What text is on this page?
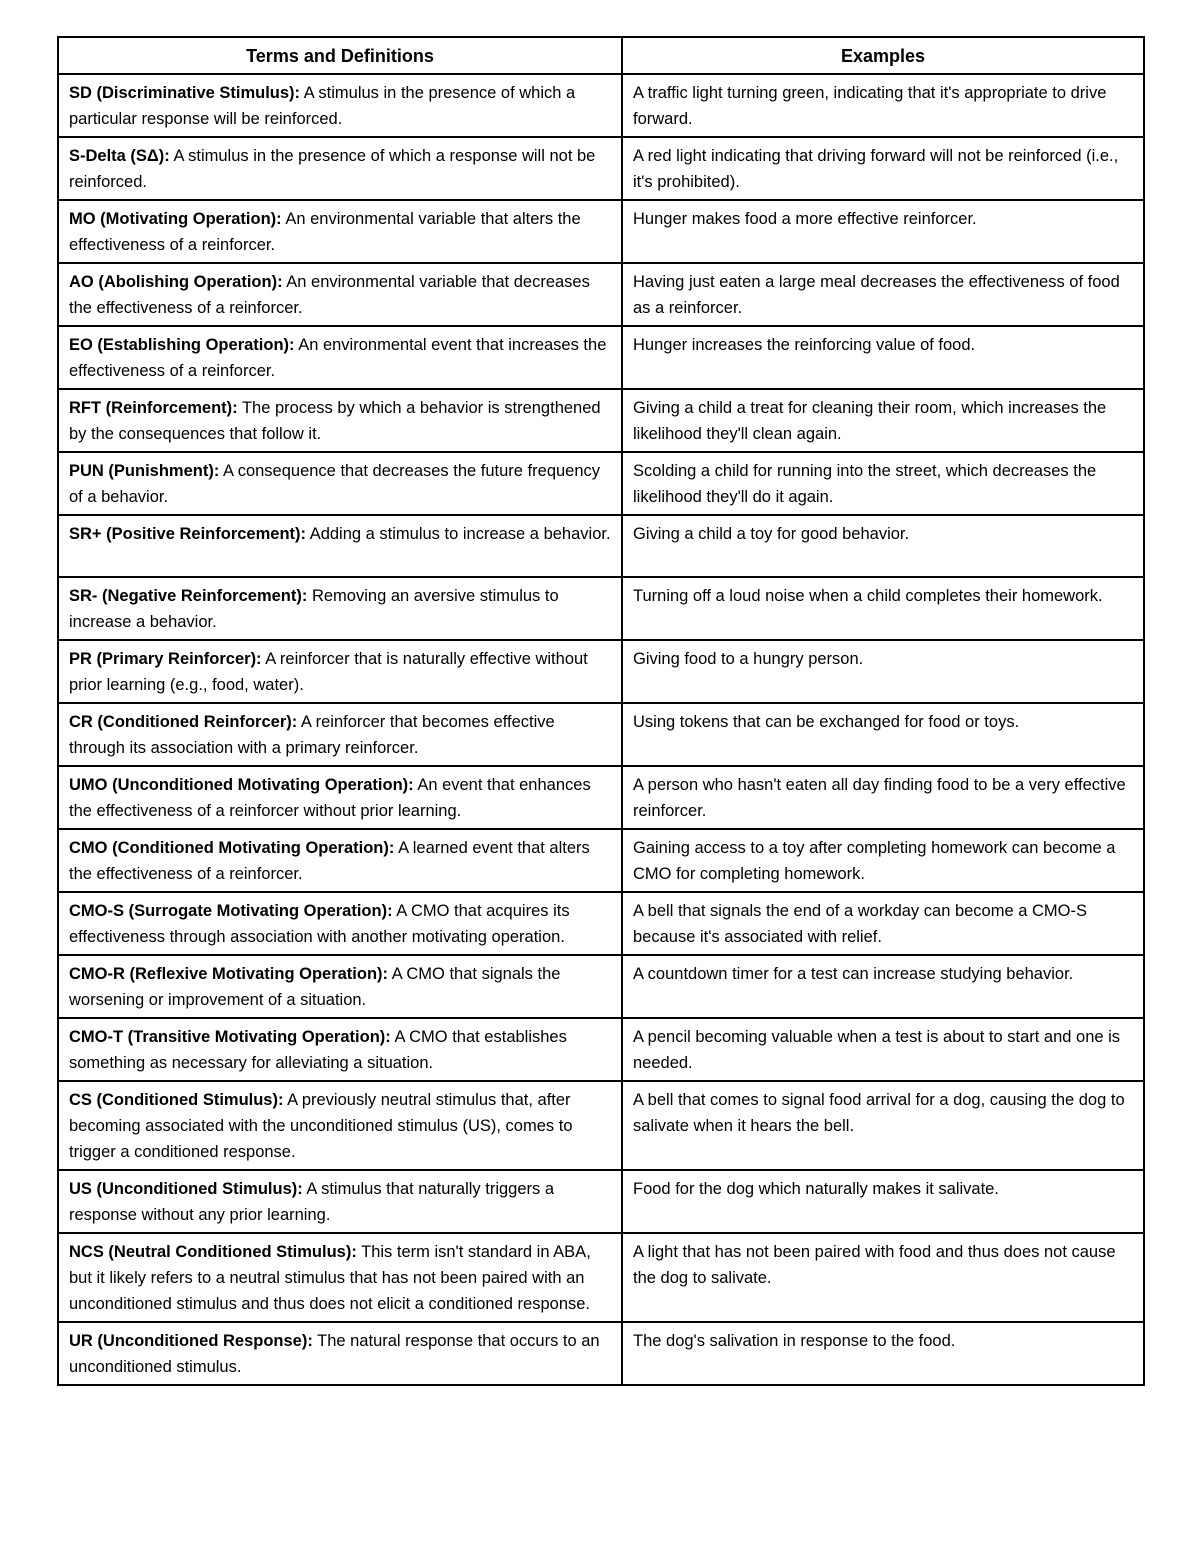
Terms and Definitions	Examples
SD (Discriminative Stimulus): A stimulus in the presence of which a particular response will be reinforced.	A traffic light turning green, indicating that it's appropriate to drive forward.
S-Delta (SΔ): A stimulus in the presence of which a response will not be reinforced.	A red light indicating that driving forward will not be reinforced (i.e., it's prohibited).
MO (Motivating Operation): An environmental variable that alters the effectiveness of a reinforcer.	Hunger makes food a more effective reinforcer.
AO (Abolishing Operation): An environmental variable that decreases the effectiveness of a reinforcer.	Having just eaten a large meal decreases the effectiveness of food as a reinforcer.
EO (Establishing Operation): An environmental event that increases the effectiveness of a reinforcer.	Hunger increases the reinforcing value of food.
RFT (Reinforcement): The process by which a behavior is strengthened by the consequences that follow it.	Giving a child a treat for cleaning their room, which increases the likelihood they'll clean again.
PUN (Punishment): A consequence that decreases the future frequency of a behavior.	Scolding a child for running into the street, which decreases the likelihood they'll do it again.
SR+ (Positive Reinforcement): Adding a stimulus to increase a behavior.	Giving a child a toy for good behavior.
SR- (Negative Reinforcement): Removing an aversive stimulus to increase a behavior.	Turning off a loud noise when a child completes their homework.
PR (Primary Reinforcer): A reinforcer that is naturally effective without prior learning (e.g., food, water).	Giving food to a hungry person.
CR (Conditioned Reinforcer): A reinforcer that becomes effective through its association with a primary reinforcer.	Using tokens that can be exchanged for food or toys.
UMO (Unconditioned Motivating Operation): An event that enhances the effectiveness of a reinforcer without prior learning.	A person who hasn't eaten all day finding food to be a very effective reinforcer.
CMO (Conditioned Motivating Operation): A learned event that alters the effectiveness of a reinforcer.	Gaining access to a toy after completing homework can become a CMO for completing homework.
CMO-S (Surrogate Motivating Operation): A CMO that acquires its effectiveness through association with another motivating operation.	A bell that signals the end of a workday can become a CMO-S because it's associated with relief.
CMO-R (Reflexive Motivating Operation): A CMO that signals the worsening or improvement of a situation.	A countdown timer for a test can increase studying behavior.
CMO-T (Transitive Motivating Operation): A CMO that establishes something as necessary for alleviating a situation.	A pencil becoming valuable when a test is about to start and one is needed.
CS (Conditioned Stimulus): A previously neutral stimulus that, after becoming associated with the unconditioned stimulus (US), comes to trigger a conditioned response.	A bell that comes to signal food arrival for a dog, causing the dog to salivate when it hears the bell.
US (Unconditioned Stimulus): A stimulus that naturally triggers a response without any prior learning.	Food for the dog which naturally makes it salivate.
NCS (Neutral Conditioned Stimulus): This term isn't standard in ABA, but it likely refers to a neutral stimulus that has not been paired with an unconditioned stimulus and thus does not elicit a conditioned response.	A light that has not been paired with food and thus does not cause the dog to salivate.
UR (Unconditioned Response): The natural response that occurs to an unconditioned stimulus.	The dog's salivation in response to the food.
